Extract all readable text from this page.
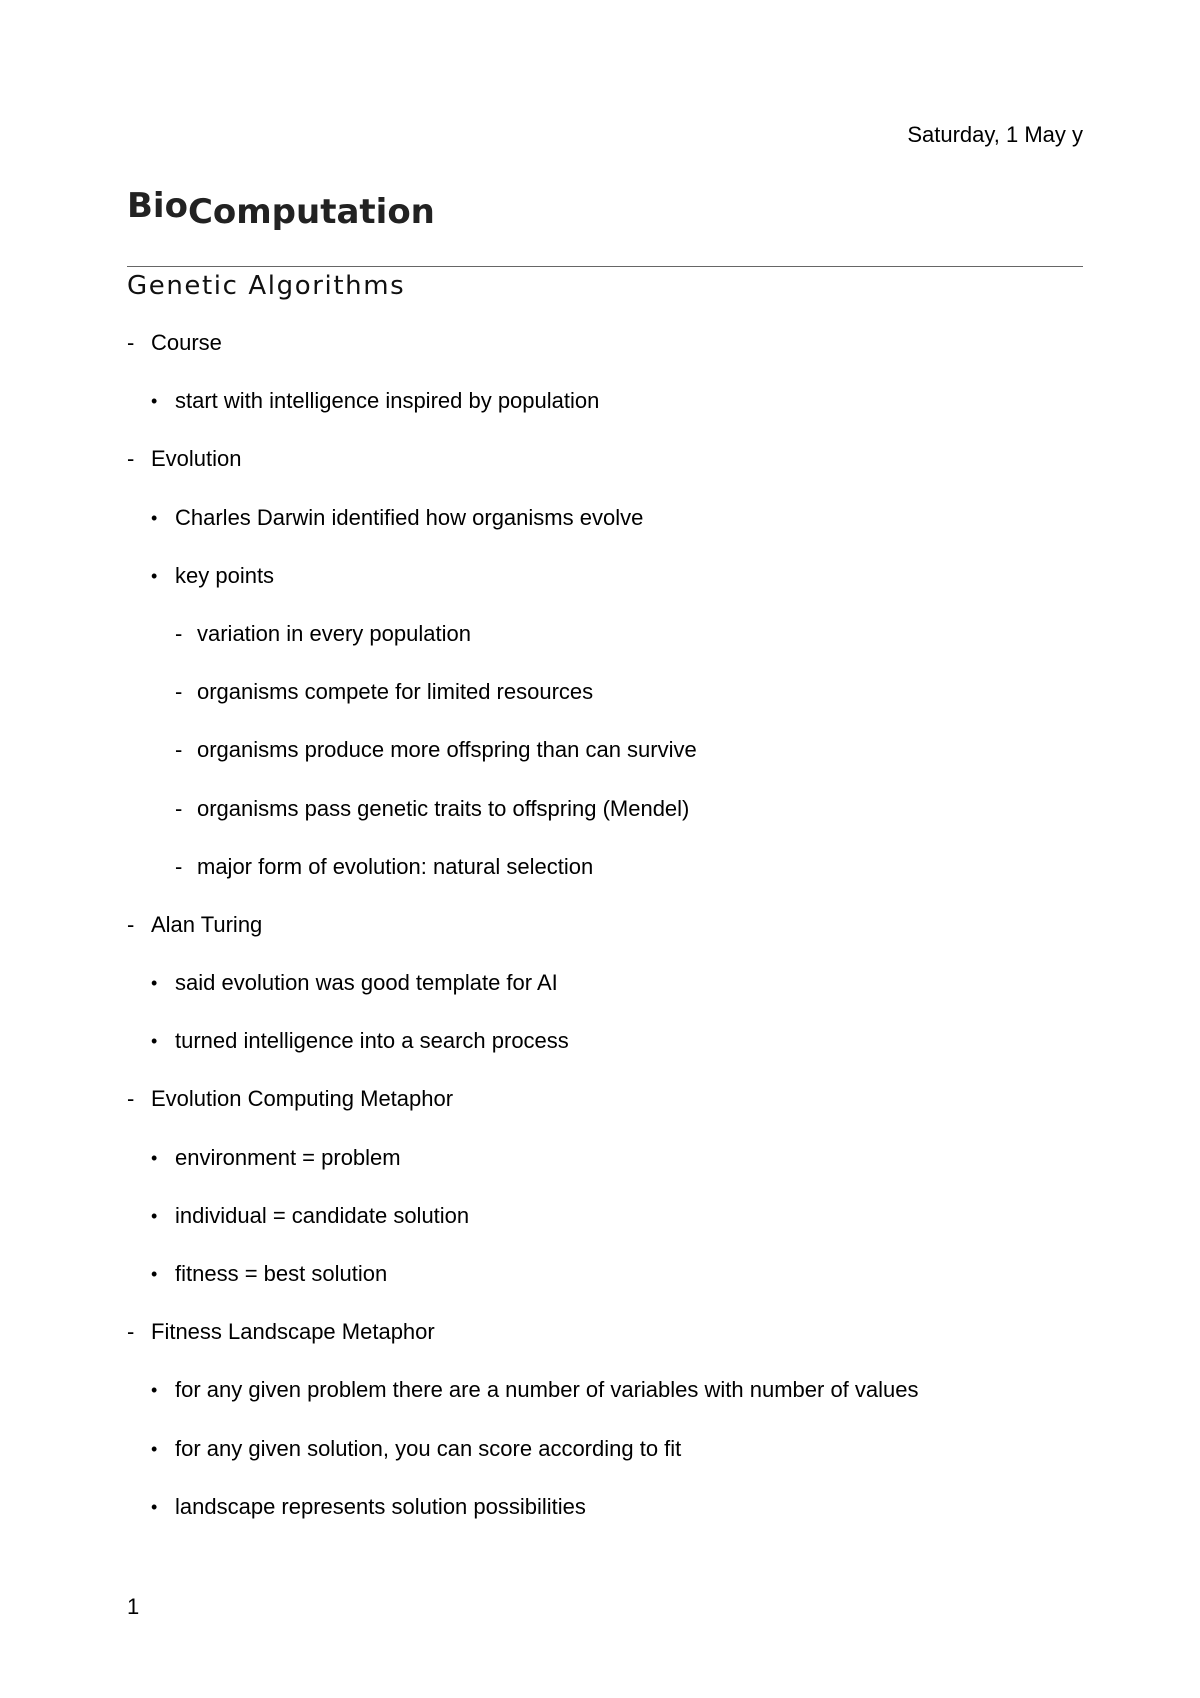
Saturday, 1 May y
BioComputation
Genetic Algorithms
- Course
• start with intelligence inspired by population
- Evolution
• Charles Darwin identified how organisms evolve
• key points
- variation in every population
- organisms compete for limited resources
- organisms produce more offspring than can survive
- organisms pass genetic traits to offspring (Mendel)
- major form of evolution: natural selection
- Alan Turing
• said evolution was good template for AI
• turned intelligence into a search process
- Evolution Computing Metaphor
• environment = problem
• individual = candidate solution
• fitness = best solution
- Fitness Landscape Metaphor
• for any given problem there are a number of variables with number of values
• for any given solution, you can score according to fit
• landscape represents solution possibilities
1
